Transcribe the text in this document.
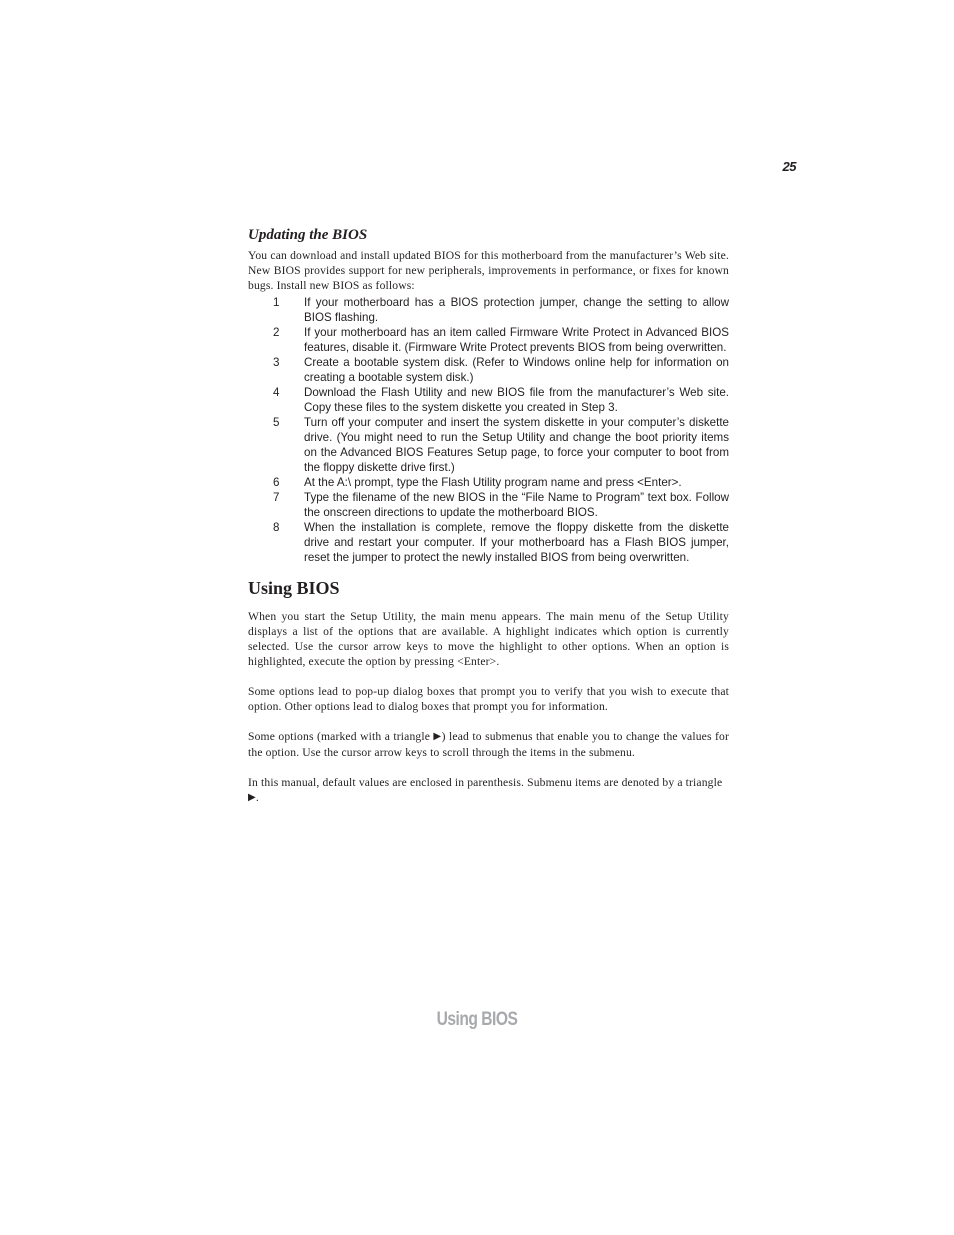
25
Updating the BIOS

You can download and install updated BIOS for this motherboard from the manufacturer’s Web site. New BIOS provides support for new peripherals, improvements in performance, or fixes for known bugs. Install new BIOS as follows:

1 If your motherboard has a BIOS protection jumper, change the setting to allow BIOS flashing.
2 If your motherboard has an item called Firmware Write Protect in Advanced BIOS features, disable it. (Firmware Write Protect prevents BIOS from being overwritten.
3 Create a bootable system disk. (Refer to Windows online help for information on creating a bootable system disk.)
4 Download the Flash Utility and new BIOS file from the manufacturer’s Web site. Copy these files to the system diskette you created in Step 3.
5 Turn off your computer and insert the system diskette in your computer’s diskette drive. (You might need to run the Setup Utility and change the boot priority items on the Advanced BIOS Features Setup page, to force your computer to boot from the floppy diskette drive first.)
6 At the A:\ prompt, type the Flash Utility program name and press <Enter>.
7 Type the filename of the new BIOS in the “File Name to Program” text box. Follow the onscreen directions to update the motherboard BIOS.
8 When the installation is complete, remove the floppy diskette from the diskette drive and restart your computer. If your motherboard has a Flash BIOS jumper, reset the jumper to protect the newly installed BIOS from being overwritten.
Using BIOS

When you start the Setup Utility, the main menu appears. The main menu of the Setup Utility displays a list of the options that are available. A highlight indicates which option is currently selected. Use the cursor arrow keys to move the highlight to other options. When an option is highlighted, execute the option by pressing <Enter>.

Some options lead to pop-up dialog boxes that prompt you to verify that you wish to execute that option. Other options lead to dialog boxes that prompt you for information.

Some options (marked with a triangle ▶) lead to submenus that enable you to change the values for the option. Use the cursor arrow keys to scroll through the items in the submenu.

In this manual, default values are enclosed in parenthesis. Submenu items are denoted by a triangle  ▶.

Using BIOS
